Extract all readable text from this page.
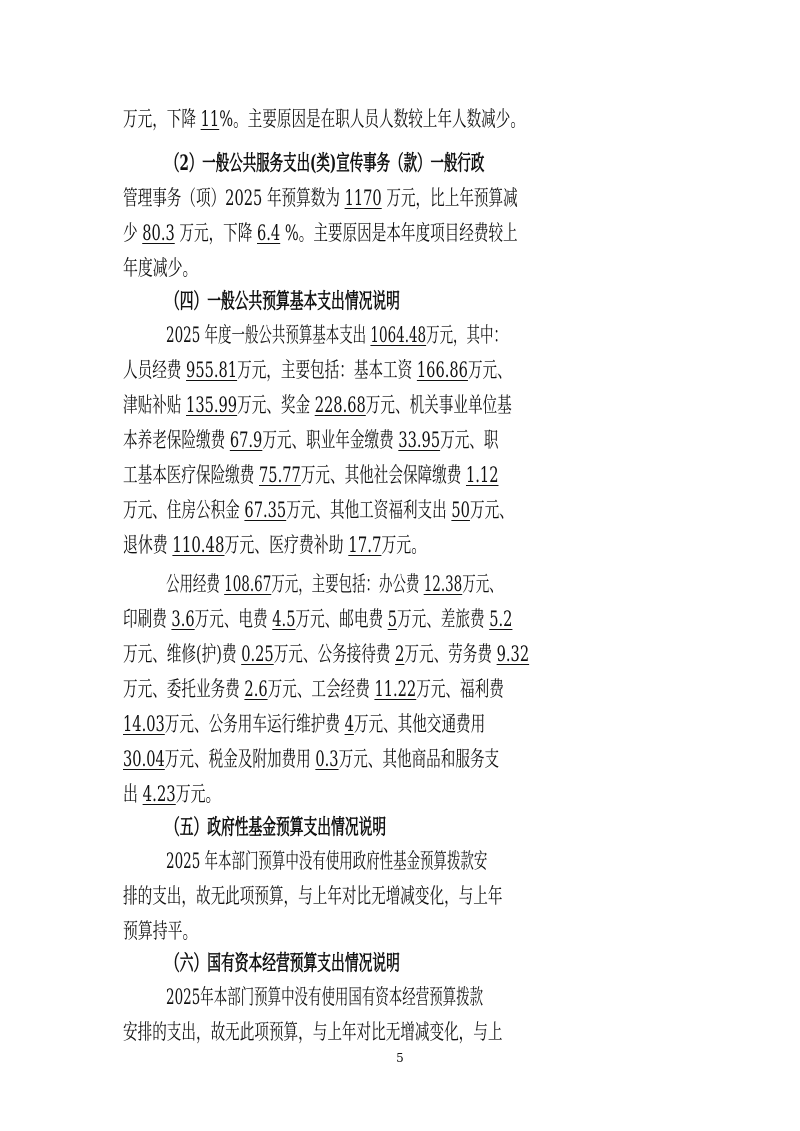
万元，下降 11%。主要原因是在职人员人数较上年人数减少。
（2）一般公共服务支出(类)宣传事务（款）一般行政
管理事务（项）2025 年预算数为 1170 万元，比上年预算减
少 80.3 万元，下降 6.4 %。主要原因是本年度项目经费较上
年度减少。
（四）一般公共预算基本支出情况说明
2025 年度一般公共预算基本支出 1064.48万元，其中：
人员经费 955.81万元，主要包括：基本工资 166.86万元、
津贴补贴 135.99万元、奖金 228.68万元、机关事业单位基
本养老保险缴费 67.9万元、职业年金缴费 33.95万元、职
工基本医疗保险缴费 75.77万元、其他社会保障缴费 1.12
万元、住房公积金 67.35万元、其他工资福利支出 50万元、
退休费 110.48万元、医疗费补助 17.7万元。
公用经费 108.67万元，主要包括：办公费 12.38万元、
印刷费 3.6万元、电费 4.5万元、邮电费 5万元、差旅费 5.2
万元、维修(护)费 0.25万元、公务接待费 2万元、劳务费 9.32
万元、委托业务费 2.6万元、工会经费 11.22万元、福利费
14.03万元、公务用车运行维护费 4万元、其他交通费用
30.04万元、税金及附加费用 0.3万元、其他商品和服务支
出 4.23万元。
（五）政府性基金预算支出情况说明
2025 年本部门预算中没有使用政府性基金预算拨款安
排的支出，故无此项预算，与上年对比无增减变化，与上年
预算持平。
（六）国有资本经营预算支出情况说明
2025年本部门预算中没有使用国有资本经营预算拨款
安排的支出，故无此项预算，与上年对比无增减变化，与上
5
